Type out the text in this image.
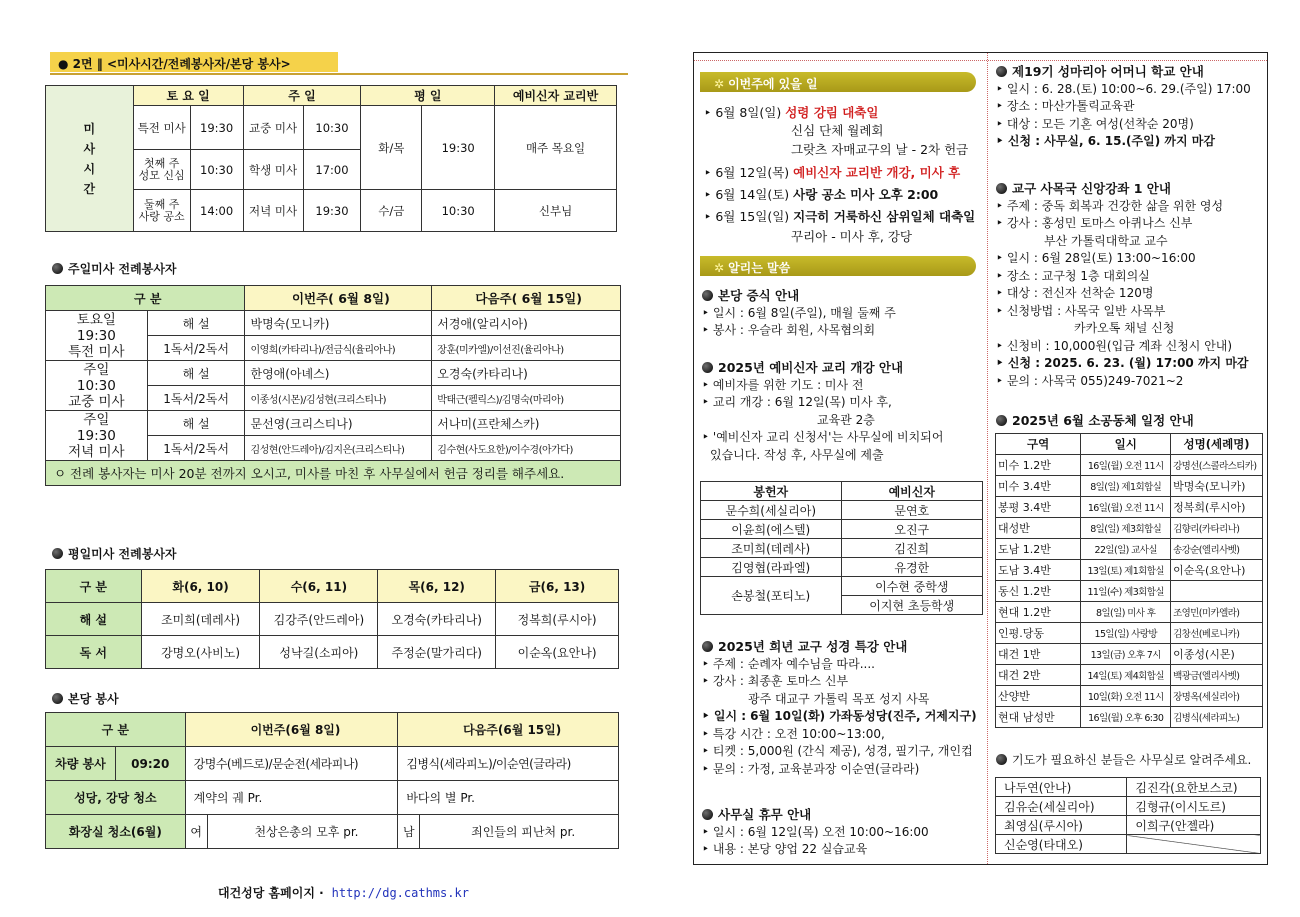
● 2면 ‖ <미사시간/전례봉사자/본당 봉사>
미
사
시
간	토 요 일		주 일		평 일		예비신자 교리반
	특전 미사	19:30	교중 미사	10:30	화/목	19:30	매주 목요일
	첫째 주
성모 신심	10:30	학생 미사	17:00			
	둘째 주
사랑 공소	14:00	저녁 미사	19:30	수/금	10:30	신부님
주일미사 전례봉사자
구 분		이번주( 6월 8일)	다음주( 6월 15일)
토요일
19:30
특전 미사	해 설	박명숙(모니카)	서경애(알리시아)
	1독서/2독서	이영희(카타리나)/전금식(율리아나)	장훈(미카엘)/이선진(율리아나)
주일
10:30
교중 미사	해 설	한영애(아녜스)	오경숙(카타리나)
	1독서/2독서	이종성(시몬)/김성현(크리스티나)	박태근(펠릭스)/김명숙(마리아)
주일
19:30
저녁 미사	해 설	문선영(크리스티나)	서나미(프란체스카)
	1독서/2독서	김성현(안드레아)/김지은(크리스티나)	김수현(사도요한)/이수경(아가다)
ㅇ 전례 봉사자는 미사 20분 전까지 오시고, 미사를 마친 후 사무실에서 헌금 정리를 해주세요.			
평일미사 전례봉사자
구 분	화(6, 10)	수(6, 11)	목(6, 12)	금(6, 13)
해 설	조미희(데레사)	김강주(안드레아)	오경숙(카타리나)	정복희(루시아)
독 서	강명오(사비노)	성낙길(소피아)	주정순(말가리다)	이순옥(요안나)
본당 봉사
구 분		이번주(6월 8일)		다음주(6월 15일)	
차량 봉사	09:20	강명수(베드로)/문순전(세라피나)		김병식(세라피노)/이순연(글라라)	
성당, 강당 청소		계약의 궤 Pr.		바다의 별 Pr.	
화장실 청소(6월)		여	천상은총의 모후 pr.	남	죄인들의 피난처 pr.
대건성당 홈페이지 · http://dg.cathms.kr
✲ 이번주에 있을 일
‣ 6월 8일(일) 성령 강림 대축일
신심 단체 월례회
그랏츠 자매교구의 날 - 2차 헌금
‣ 6월 12일(목) 예비신자 교리반 개강, 미사 후
‣ 6월 14일(토) 사랑 공소 미사 오후 2:00
‣ 6월 15일(일) 지극히 거룩하신 삼위일체 대축일
꾸리아 - 미사 후, 강당
✲ 알리는 말씀
본당 증식 안내
‣ 일시 : 6월 8일(주일), 매월 둘째 주
‣ 봉사 : 우슬라 회원, 사목협의회
2025년 예비신자 교리 개강 안내
‣ 예비자를 위한 기도 : 미사 전
‣ 교리 개강 : 6월 12일(목) 미사 후,
교육관 2층
‣ '예비신자 교리 신청서'는 사무실에 비치되어
있습니다. 작성 후, 사무실에 제출
봉헌자	예비신자
문수희(세실리아)	문연호
이윤희(에스텔)	오진구
조미희(데레사)	김진희
김영협(라파엘)	유경한
손봉철(포티노)	이수현 중학생
	이지현 초등학생
2025년 희년 교구 성경 특강 안내
‣ 주제 : 순례자 예수님을 따라....
‣ 강사 : 최종훈 토마스 신부
광주 대교구 가톨릭 목포 성지 사목
‣ 일시 : 6월 10일(화) 가좌동성당(진주, 거제지구)
‣ 특강 시간 : 오전 10:00~13:00,
‣ 티켓 : 5,000원 (간식 제공), 성경, 필기구, 개인컵
‣ 문의 : 가정, 교육분과장 이순연(글라라)
사무실 휴무 안내
‣ 일시 : 6월 12일(목) 오전 10:00~16:00
‣ 내용 : 본당 양업 22 실습교육
제19기 성마리아 어머니 학교 안내
‣ 일시 : 6. 28.(토) 10:00~6. 29.(주일) 17:00
‣ 장소 : 마산가톨릭교육관
‣ 대상 : 모든 기혼 여성(선착순 20명)
‣ 신청 : 사무실, 6. 15.(주일) 까지 마감
교구 사목국 신앙강좌 1 안내
‣ 주제 : 중독 회복과 건강한 삶을 위한 영성
‣ 강사 : 홍성민 토마스 아퀴나스 신부
부산 가톨릭대학교 교수
‣ 일시 : 6월 28일(토) 13:00~16:00
‣ 장소 : 교구청 1층 대회의실
‣ 대상 : 전신자 선착순 120명
‣ 신청방법 : 사목국 일반 사목부
카카오톡 채널 신청
‣ 신청비 : 10,000원(입금 계좌 신청시 안내)
‣ 신청 : 2025. 6. 23. (월) 17:00 까지 마감
‣ 문의 : 사목국 055)249-7021~2
2025년 6월 소공동체 일정 안내
구역	일시	성명(세례명)
미수 1.2반	16일(월) 오전 11시	강명선(스콜라스티카)
미수 3.4반	8일(일) 제1회합실	박명숙(모니카)
봉평 3.4반	16일(월) 오전 11시	정복희(루시아)
대성반	8일(일) 제3회합실	김향리(카타리나)
도남 1.2반	22일(일) 교사실	송강순(엘리사벳)
도남 3.4반	13일(토) 제1회합실	이순옥(요안나)
동신 1.2반	11일(수) 제3회합실	
현대 1.2반	8일(일) 미사 후	조영민(미카엘라)
인평.당동	15일(일) 사랑방	김창선(베로니카)
대건 1반	13일(금) 오후 7시	이종성(시몬)
대건 2반	14일(토) 제4회합실	백광금(엘리사벳)
산양반	10일(화) 오전 11시	장명옥(세실리아)
현대 남성반	16일(월) 오후 6:30	김병식(세라피노)
기도가 필요하신 분들은 사무실로 알려주세요.
나두연(안나)	김진각(요한보스코)
김유순(세실리아)	김형규(이시도르)
최영심(루시아)	이희구(안젤라)
신순영(타대오)	
